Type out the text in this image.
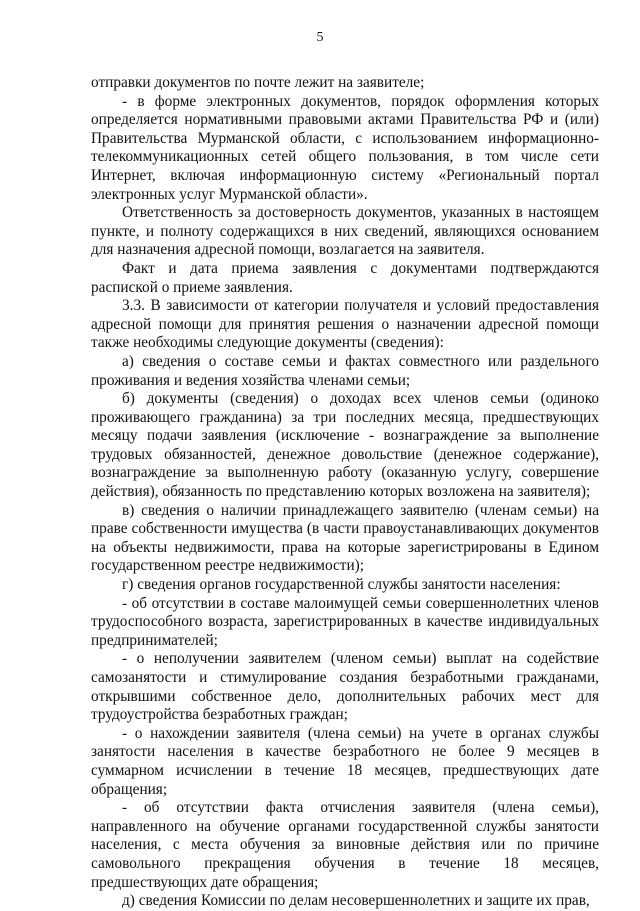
5

отправки документов по почте лежит на заявителе;

- в форме электронных документов, порядок оформления которых определяется нормативными правовыми актами Правительства РФ и (или) Правительства Мурманской области, с использованием информационно-телекоммуникационных сетей общего пользования, в том числе сети Интернет, включая информационную систему «Региональный портал электронных услуг Мурманской области».

Ответственность за достоверность документов, указанных в настоящем пункте, и полноту содержащихся в них сведений, являющихся основанием для назначения адресной помощи, возлагается на заявителя.

Факт и дата приема заявления с документами подтверждаются распиской о приеме заявления.

3.3. В зависимости от категории получателя и условий предоставления адресной помощи для принятия решения о назначении адресной помощи также необходимы следующие документы (сведения):

а) сведения о составе семьи и фактах совместного или раздельного проживания и ведения хозяйства членами семьи;

б) документы (сведения) о доходах всех членов семьи (одиноко проживающего гражданина) за три последних месяца, предшествующих месяцу подачи заявления (исключение - вознаграждение за выполнение трудовых обязанностей, денежное довольствие (денежное содержание), вознаграждение за выполненную работу (оказанную услугу, совершение действия), обязанность по представлению которых возложена на заявителя);

в) сведения о наличии принадлежащего заявителю (членам семьи) на праве собственности имущества (в части правоустанавливающих документов на объекты недвижимости, права на которые зарегистрированы в Едином государственном реестре недвижимости);

г) сведения органов государственной службы занятости населения:

- об отсутствии в составе малоимущей семьи совершеннолетних членов трудоспособного возраста, зарегистрированных в качестве индивидуальных предпринимателей;

- о неполучении заявителем (членом семьи) выплат на содействие самозанятости и стимулирование создания безработными гражданами, открывшими собственное дело, дополнительных рабочих мест для трудоустройства безработных граждан;

- о нахождении заявителя (члена семьи) на учете в органах службы занятости населения в качестве безработного не более 9 месяцев в суммарном исчислении в течение 18 месяцев, предшествующих дате обращения;

- об отсутствии факта отчисления заявителя (члена семьи), направленного на обучение органами государственной службы занятости населения, с места обучения за виновные действия или по причине самовольного прекращения обучения в течение 18 месяцев, предшествующих дате обращения;

д) сведения Комиссии по делам несовершеннолетних и защите их прав,
